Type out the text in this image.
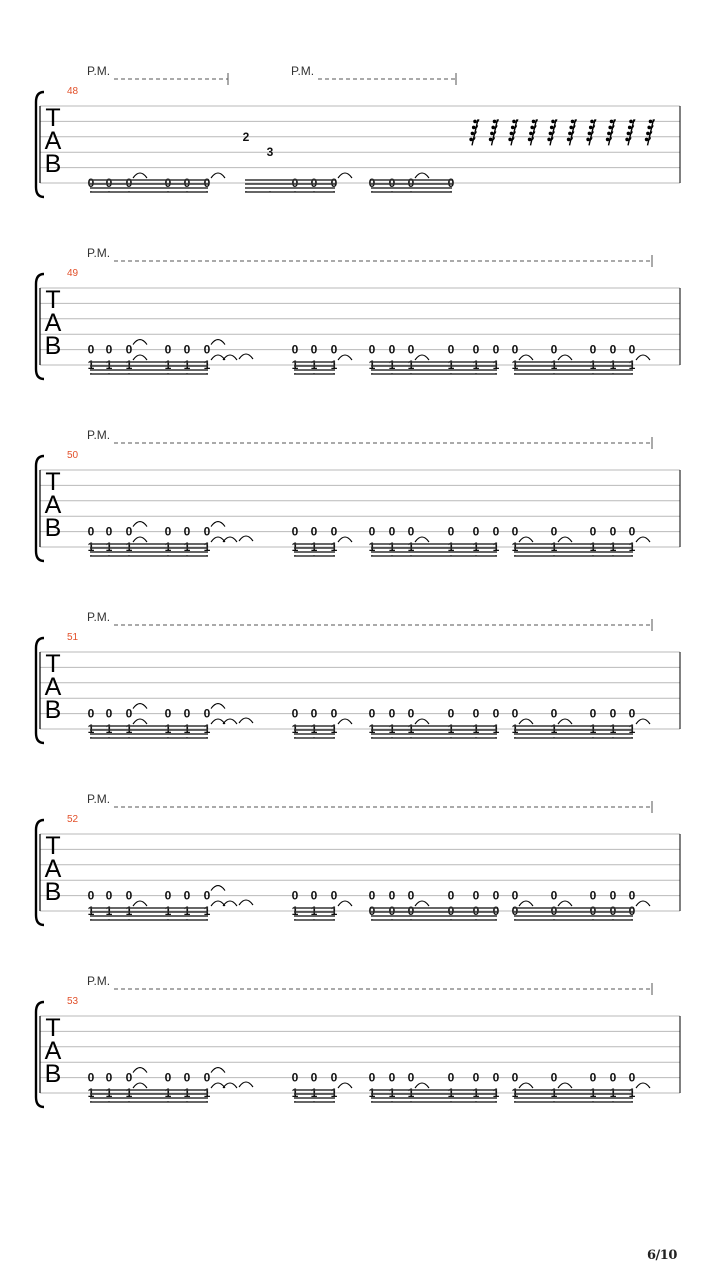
P.M.	P.M.
48
T
A
B
0 0 0	0 0 0
2
3
0 0 0	0 0 0	0
P.M.
49
T
A
B 0
1
0
1
0
1
0
1
0
1
0
1
0
1
0
1
0
1
0
1
0
1
0
1
0
1
0
1
0
1
0
1
0
1
0
1
0
1
0
1
P.M.
50
T
A
B 0
1
0
1
0
1
0
1
0
1
0
1
0
1
0
1
0
1
0
1
0
1
0
1
0
1
0
1
0
1
0
1
0
1
0
1
0
1
0
1
P.M.
51
T
A
B 0
1
0
1
0
1
0
1
0
1
0
1
0
1
0
1
0
1
0
1
0
1
0
1
0
1
0
1
0
1
0
1
0
1
0
1
0
1
0
1
P.M.
52
T
A
B 0
1
0
1
0
1
0
1
0
1
0
1
0
1
0
1
0
1
0
0
0
0
0
0
0
0
0
0
0
0
0
0
0
0
0
0
0
0
0
0
P.M.
53
T
A
B 0
1
0
1
0
1
0
1
0
1
0
1
0
1
0
1
0
1
0
1
0
1
0
1
0
1
0
1
0
1
0
1
0
1
0
1
0
1
0
1
6/10
